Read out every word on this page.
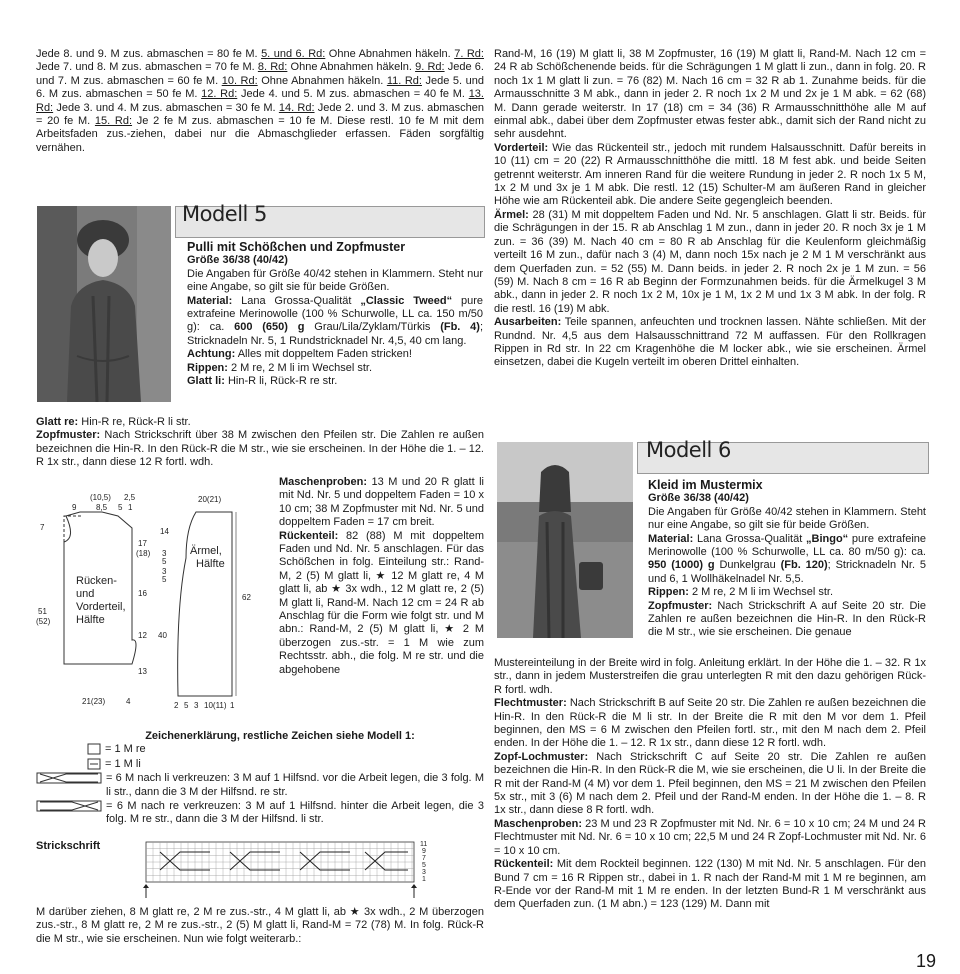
Jede 8. und 9. M zus. abmaschen = 80 fe M. 5. und 6. Rd: Ohne Abnahmen häkeln. 7. Rd: Jede 7. und 8. M zus. abmaschen = 70 fe M. 8. Rd: Ohne Abnahmen häkeln. 9. Rd: Jede 6. und 7. M zus. abmaschen = 60 fe M. 10. Rd: Ohne Abnahmen häkeln. 11. Rd: Jede 5. und 6. M zus. abmaschen = 50 fe M. 12. Rd: Jede 4. und 5. M zus. abmaschen = 40 fe M. 13. Rd: Jede 3. und 4. M zus. abmaschen = 30 fe M. 14. Rd: Jede 2. und 3. M zus. abmaschen = 20 fe M. 15. Rd: Je 2 fe M zus. abmaschen = 10 fe M. Diese restl. 10 fe M mit dem Arbeitsfaden zus.-ziehen, dabei nur die Abmaschglieder erfassen. Fäden sorgfältig vernähen.
Modell 5

Pulli mit Schößchen und Zopfmuster

Größe 36/38 (40/42)

Die Angaben für Größe 40/42 stehen in Klammern. Steht nur eine Angabe, so gilt sie für beide Größen.
Material: Lana Grossa-Qualität „Classic Tweed“ pure extrafeine Merinowolle (100 % Schurwolle, LL ca. 150 m/50 g): ca. 600 (650) g Grau/Lila/Zyklam/Türkis (Fb. 4); Stricknadeln Nr. 5, 1 Rundstricknadel Nr. 4,5, 40 cm lang.
Achtung: Alles mit doppeltem Faden stricken!
Rippen: 2 M re, 2 M li im Wechsel str.
Glatt li: Hin-R li, Rück-R re str.

Glatt re: Hin-R re, Rück-R li str.

Zopfmuster: Nach Strickschrift über 38 M zwischen den Pfeilen str. Die Zahlen re außen bezeichnen die Hin-R. In den Rück-R die M str., wie sie erscheinen. In der Höhe die 1. – 12. R 1x str., dann diese 12 R fortl. wdh.

Rücken-
und
Vorderteil,
Hälfte
(10,5) 2,5
9 8,5 5 1
7
17
(18)
16
12
13
51
(52)
21(23)	4
Ärmel,
Hälfte
20(21)
14
3
5
3
5
40
62
2 5 3 10(11) 1

Maschenproben: 13 M und 20 R glatt li mit Nd. Nr. 5 und doppeltem Faden = 10 x 10 cm; 38 M Zopfmuster mit Nd. Nr. 5 und doppeltem Faden = 17 cm breit.

Rückenteil: 82 (88) M mit doppeltem Faden und Nd. Nr. 5 anschlagen. Für das Schößchen in folg. Einteilung str.: Rand-M, 2 (5) M glatt li, ★ 12 M glatt re, 4 M glatt li, ab ★ 3x wdh., 12 M glatt re, 2 (5) M glatt li, Rand-M. Nach 12 cm = 24 R ab Anschlag für die Form wie folgt str. und M abn.: Rand-M, 2 (5) M glatt li, ★ 2 M überzogen zus.-str. = 1 M wie zum Rechtsstr. abh., die folg. M re str. und die abgehobene

Zeichenerklärung, restliche Zeichen siehe Modell 1:

= 1 M re
= 1 M li
= 6 M nach li verkreuzen: 3 M auf 1 Hilfsnd. vor die Arbeit legen, die 3 folg. M li str., dann die 3 M der Hilfsnd. re str.
= 6 M nach re verkreuzen: 3 M auf 1 Hilfsnd. hinter die Arbeit legen, die 3 folg. M re str., dann die 3 M der Hilfsnd. li str.
Strickschrift	11
9
7
5
3
1
M darüber ziehen, 8 M glatt re, 2 M re zus.-str., 4 M glatt li, ab ★ 3x wdh., 2 M überzogen zus.-str., 8 M glatt re, 2 M re zus.-str., 2 (5) M glatt li, Rand-M = 72 (78) M. In folg. Rück-R die M str., wie sie erscheinen. Nun wie folgt weiterarb.:
Rand-M, 16 (19) M glatt li, 38 M Zopfmuster, 16 (19) M glatt li, Rand-M. Nach 12 cm = 24 R ab Schößchenende beids. für die Schrägungen 1 M glatt li zun., dann in folg. 20. R noch 1x 1 M glatt li zun. = 76 (82) M. Nach 16 cm = 32 R ab 1. Zunahme beids. für die Armausschnitte 3 M abk., dann in jeder 2. R noch 1x 2 M und 2x je 1 M abk. = 62 (68) M. Dann gerade weiterstr. In 17 (18) cm = 34 (36) R Armausschnitthöhe alle M auf einmal abk., dabei über dem Zopfmuster etwas fester abk., damit sich der Rand nicht zu sehr ausdehnt.
Vorderteil: Wie das Rückenteil str., jedoch mit rundem Halsausschnitt. Dafür bereits in 10 (11) cm = 20 (22) R Armausschnitthöhe die mittl. 18 M fest abk. und beide Seiten getrennt weiterstr. Am inneren Rand für die weitere Rundung in jeder 2. R noch 1x 5 M, 1x 2 M und 3x je 1 M abk. Die restl. 12 (15) Schulter-M am äußeren Rand in gleicher Höhe wie am Rückenteil abk. Die andere Seite gegengleich beenden.
Ärmel: 28 (31) M mit doppeltem Faden und Nd. Nr. 5 anschlagen. Glatt li str. Beids. für die Schrägungen in der 15. R ab Anschlag 1 M zun., dann in jeder 20. R noch 3x je 1 M zun. = 36 (39) M. Nach 40 cm = 80 R ab Anschlag für die Keulenform gleichmäßig verteilt 16 M zun., dafür nach 3 (4) M, dann noch 15x nach je 2 M 1 M verschränkt aus dem Querfaden zun. = 52 (55) M. Dann beids. in jeder 2. R noch 2x je 1 M zun. = 56 (59) M. Nach 8 cm = 16 R ab Beginn der Formzunahmen beids. für die Ärmelkugel 3 M abk., dann in jeder 2. R noch 1x 2 M, 10x je 1 M, 1x 2 M und 1x 3 M abk. In der folg. R die restl. 16 (19) M abk.
Ausarbeiten: Teile spannen, anfeuchten und trocknen lassen. Nähte schließen. Mit der Rundnd. Nr. 4,5 aus dem Halsausschnittrand 72 M auffassen. Für den Rollkragen Rippen in Rd str. In 22 cm Kragenhöhe die M locker abk., wie sie erscheinen. Ärmel einsetzen, dabei die Kugeln verteilt im oberen Drittel einhalten.
Modell 6

Kleid im Mustermix

Größe 36/38 (40/42)

Die Angaben für Größe 40/42 stehen in Klammern. Steht nur eine Angabe, so gilt sie für beide Größen.
Material: Lana Grossa-Qualität „Bingo“ pure extrafeine Merinowolle (100 % Schurwolle, LL ca. 80 m/50 g): ca. 950 (1000) g Dunkelgrau (Fb. 120); Stricknadeln Nr. 5 und 6, 1 Wollhäkelnadel Nr. 5,5.
Rippen: 2 M re, 2 M li im Wechsel str.
Zopfmuster: Nach Strickschrift A auf Seite 20 str. Die Zahlen re außen bezeichnen die Hin-R. In den Rück-R die M str., wie sie erscheinen. Die genaue

Mustereinteilung in der Breite wird in folg. Anleitung erklärt. In der Höhe die 1. – 32. R 1x str., dann in jedem Musterstreifen die grau unterlegten R mit den dazu gehörigen Rück-R fortl. wdh.
Flechtmuster: Nach Strickschrift B auf Seite 20 str. Die Zahlen re außen bezeichnen die Hin-R. In den Rück-R die M li str. In der Breite die R mit den M vor dem 1. Pfeil beginnen, den MS = 6 M zwischen den Pfeilen fortl. str., mit den M nach dem 2. Pfeil enden. In der Höhe die 1. – 12. R 1x str., dann diese 12 R fortl. wdh.
Zopf-Lochmuster: Nach Strickschrift C auf Seite 20 str. Die Zahlen re außen bezeichnen die Hin-R. In den Rück-R die M, wie sie erscheinen, die U li. In der Breite die R mit der Rand-M (4 M) vor dem 1. Pfeil beginnen, den MS = 21 M zwischen den Pfeilen 5x str., mit 3 (6) M nach dem 2. Pfeil und der Rand-M enden. In der Höhe die 1. – 8. R 1x str., dann diese 8 R fortl. wdh.
Maschenproben: 23 M und 23 R Zopfmuster mit Nd. Nr. 6 = 10 x 10 cm; 24 M und 24 R Flechtmuster mit Nd. Nr. 6 = 10 x 10 cm; 22,5 M und 24 R Zopf-Lochmuster mit Nd. Nr. 6 = 10 x 10 cm.
Rückenteil: Mit dem Rockteil beginnen. 122 (130) M mit Nd. Nr. 5 anschlagen. Für den Bund 7 cm = 16 R Rippen str., dabei in 1. R nach der Rand-M mit 1 M re beginnen, am R-Ende vor der Rand-M mit 1 M re enden. In der letzten Bund-R 1 M verschränkt aus dem Querfaden zun. (1 M abn.) = 123 (129) M. Dann mit
19
